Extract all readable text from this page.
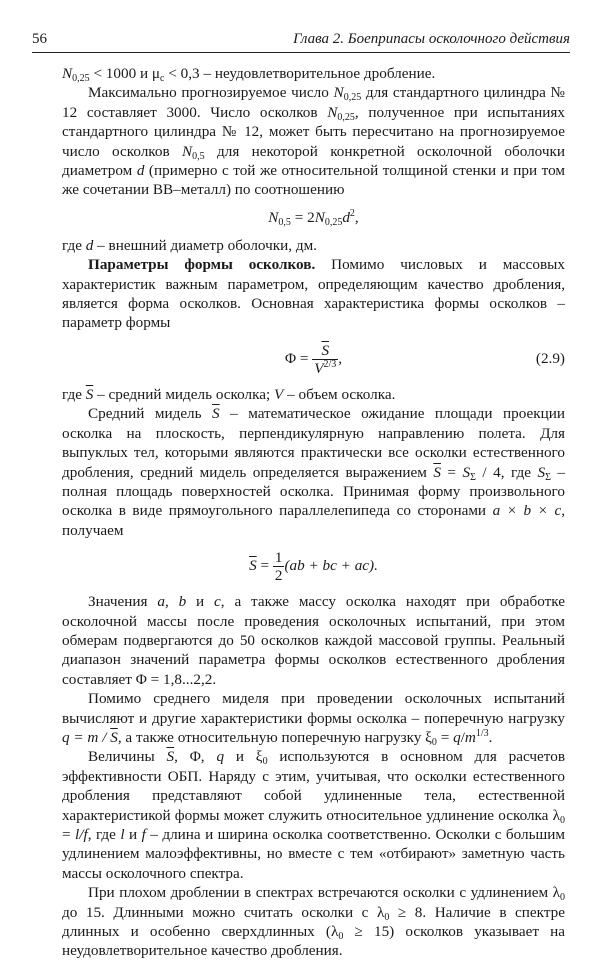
56	Глава 2. Боеприпасы осколочного действия

$N_{0,25} < 1000$ и $\mu_c < 0,3$ – неудовлетворительное дробление.

Максимально прогнозируемое число $N_{0,25}$ для стандартного цилиндра № 12 составляет 3000. Число осколков $N_{0,25}$, полученное при испытаниях стандартного цилиндра № 12, может быть пересчитано на прогнозируемое число осколков $N_{0,5}$ для некоторой конкретной осколочной оболочки диаметром d (примерно с той же относительной толщиной стенки и при том же сочетании ВВ–металл) по соотношению

$N_{0,5} = 2N_{0,25}d^2$,

где d – внешний диаметр оболочки, дм.

Параметры формы осколков. Помимо числовых и массовых характеристик важным параметром, определяющим качество дробления, является форма осколков. Основная характеристика формы осколков – параметр формы

$\Phi = \frac{\overline{S}}{V^{2/3}}$ ,	(2.9)

где $\overline{S}$ – средний мидель осколка; V – объем осколка.

Средний мидель $\overline{S}$ – математическое ожидание площади проекции осколка на плоскость, перпендикулярную направлению полета. Для выпуклых тел, которыми являются практически все осколки естественного дробления, средний мидель определяется выражением $\overline{S} = S_\Sigma / 4$, где $S_\Sigma$ – полная площадь поверхностей осколка. Принимая форму произвольного осколка в виде прямоугольного параллелепипеда со сторонами a × b × c, получаем

$\overline{S} = \frac{1}{2} (ab$ + bc + ac).

Значения a, b и c, а также массу осколка находят при обработке осколочной массы после проведения осколочных испытаний, при этом обмерам подвергаются до 50 осколков каждой массовой группы. Реальный диапазон значений параметра формы осколков естественного дробления составляет Φ = 1,8...2,2.

Помимо среднего миделя при проведении осколочных испытаний вычисляют и другие характеристики формы осколка – поперечную нагрузку $q = m / \overline{S}$, а также относительную поперечную нагрузку $\xi_0 = q/m^{1/3}$.

Величины $\overline{S}$, Φ, q и $\xi_0$ используются в основном для расчетов эффективности ОБП. Наряду с этим, учитывая, что осколки естественного дробления представляют собой удлиненные тела, естественной характеристикой формы может служить относительное удлинение осколка $\lambda_0 = l/f$, где l и f – длина и ширина осколка соответственно. Осколки с большим удлинением малоэффективны, но вместе с тем «отбирают» заметную часть массы осколочного спектра.

При плохом дроблении в спектрах встречаются осколки с удлинением $\lambda_0$ до 15. Длинными можно считать осколки с $\lambda_0 \ge 8$. Наличие в спектре длинных и особенно сверхдлинных $(\lambda_0 \ge 15)$ осколков указывает на неудовлетворительное качество дробления.
